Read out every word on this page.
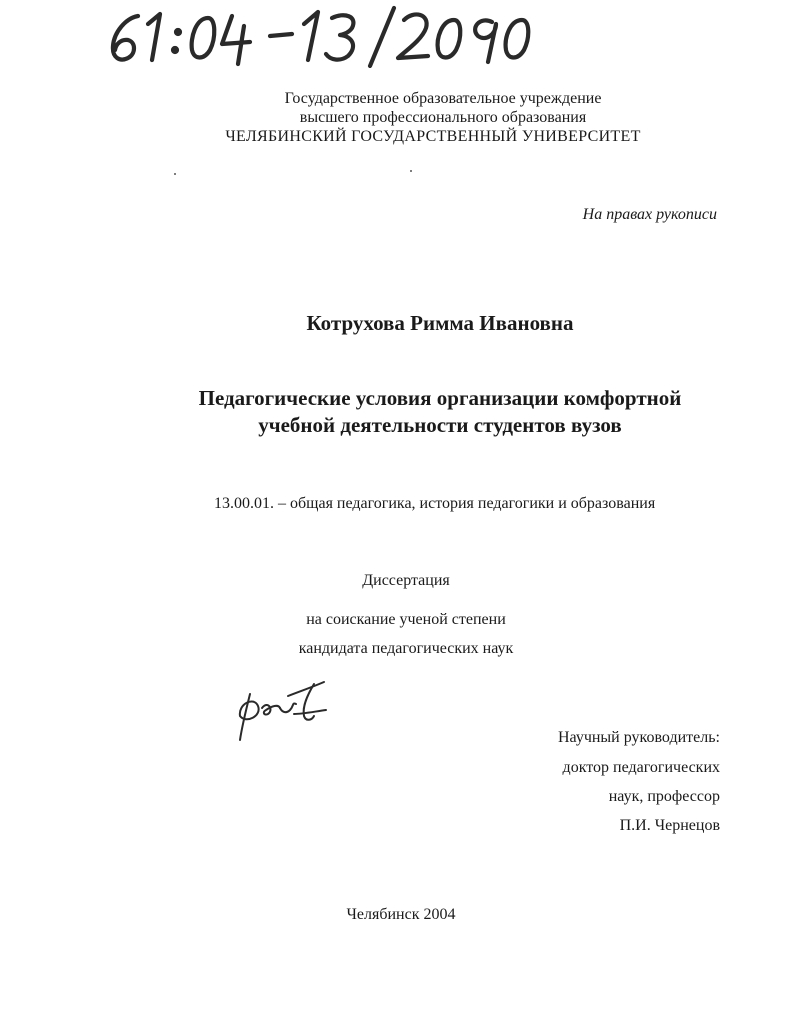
Государственное образовательное учреждение
высшего профессионального образования
ЧЕЛЯБИНСКИЙ ГОСУДАРСТВЕННЫЙ УНИВЕРСИТЕТ
На правах рукописи
Котрухова Римма Ивановна
Педагогические условия организации комфортной
учебной деятельности студентов вузов
13.00.01. – общая педагогика, история педагогики и образования
Диссертация
на соискание ученой степени
кандидата педагогических наук
Научный руководитель:
доктор педагогических
наук, профессор
П.И. Чернецов
Челябинск 2004
